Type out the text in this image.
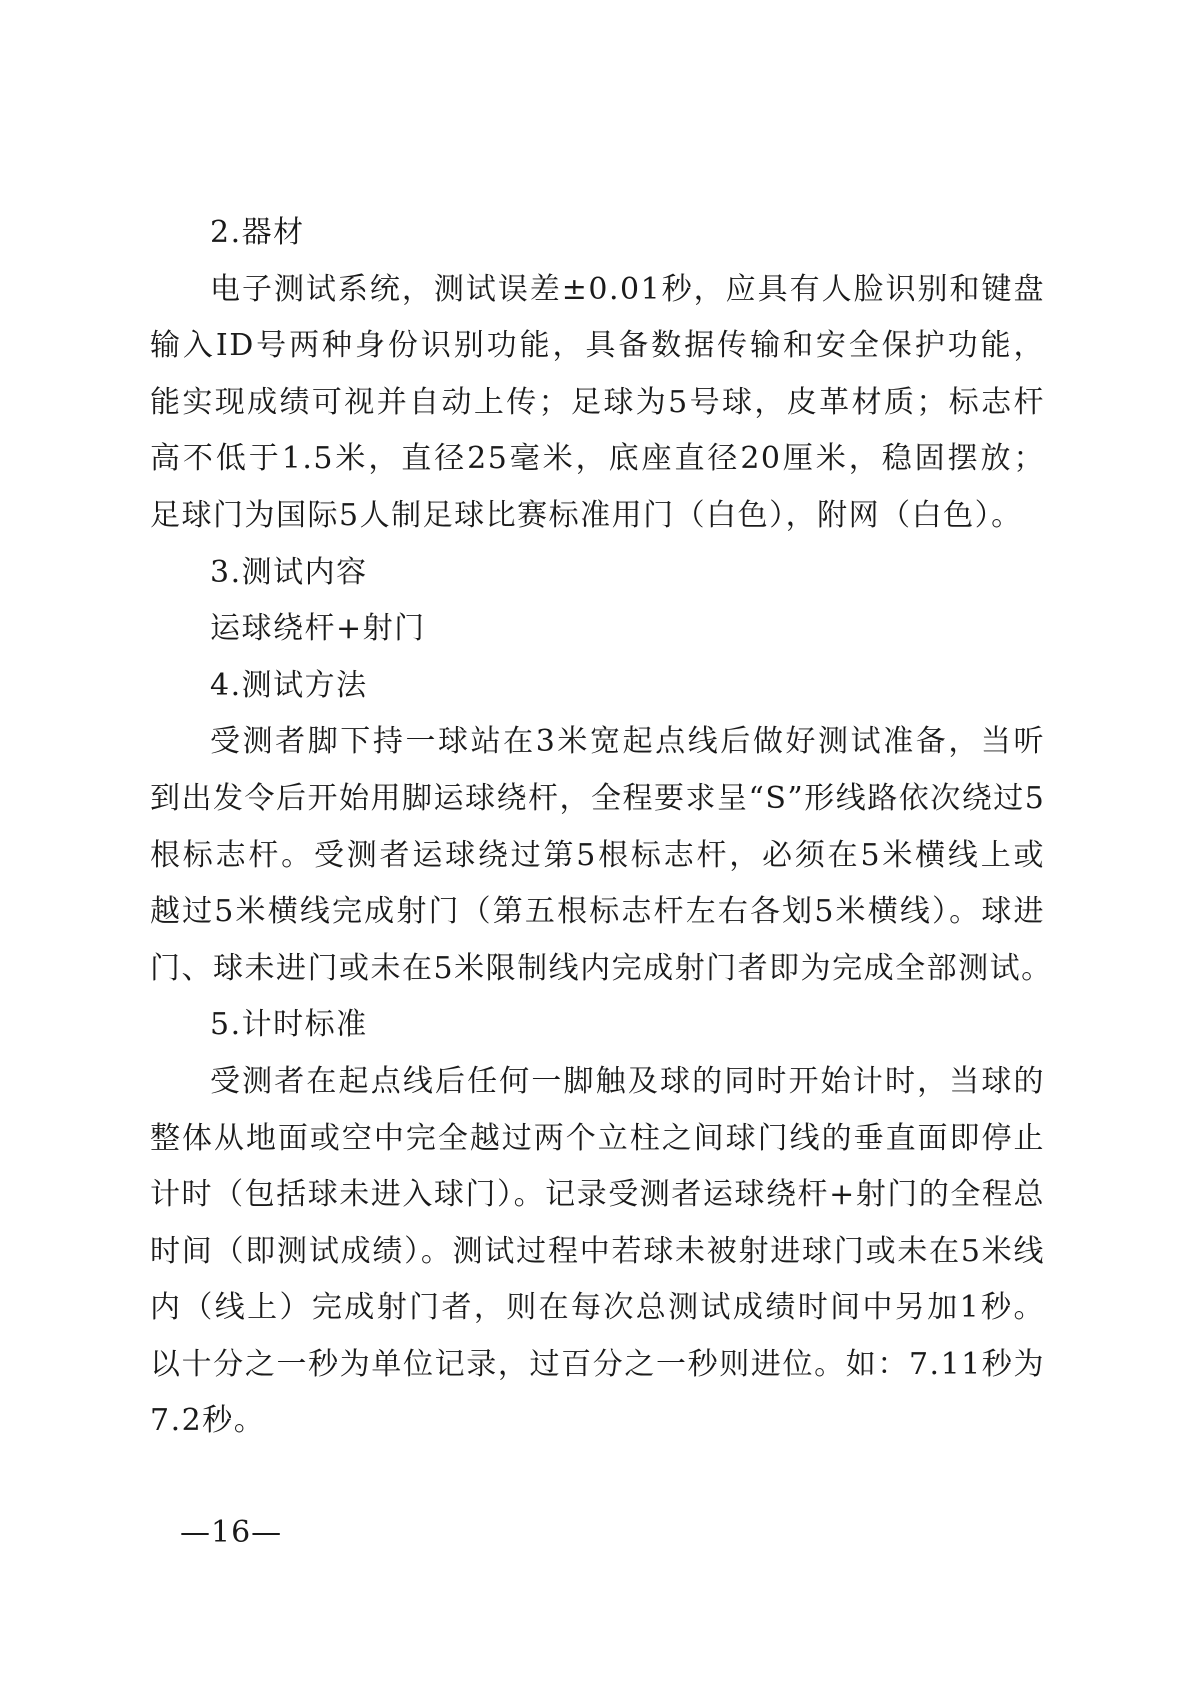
2.器材
电子测试系统，测试误差±0.01秒，应具有人脸识别和键盘
输入ID号两种身份识别功能，具备数据传输和安全保护功能，
能实现成绩可视并自动上传；足球为5号球，皮革材质；标志杆
高不低于1.5米，直径25毫米，底座直径20厘米，稳固摆放；
足球门为国际5人制足球比赛标准用门（白色），附网（白色）。
3.测试内容
运球绕杆+射门
4.测试方法
受测者脚下持一球站在3米宽起点线后做好测试准备，当听
到出发令后开始用脚运球绕杆，全程要求呈“S”形线路依次绕过5
根标志杆。受测者运球绕过第5根标志杆，必须在5米横线上或
越过5米横线完成射门（第五根标志杆左右各划5米横线）。球进
门、球未进门或未在5米限制线内完成射门者即为完成全部测试。
5.计时标准
受测者在起点线后任何一脚触及球的同时开始计时，当球的
整体从地面或空中完全越过两个立柱之间球门线的垂直面即停止
计时（包括球未进入球门）。记录受测者运球绕杆+射门的全程总
时间（即测试成绩）。测试过程中若球未被射进球门或未在5米线
内（线上）完成射门者，则在每次总测试成绩时间中另加1秒。
以十分之一秒为单位记录，过百分之一秒则进位。如：7.11秒为
7.2秒。
—16—
